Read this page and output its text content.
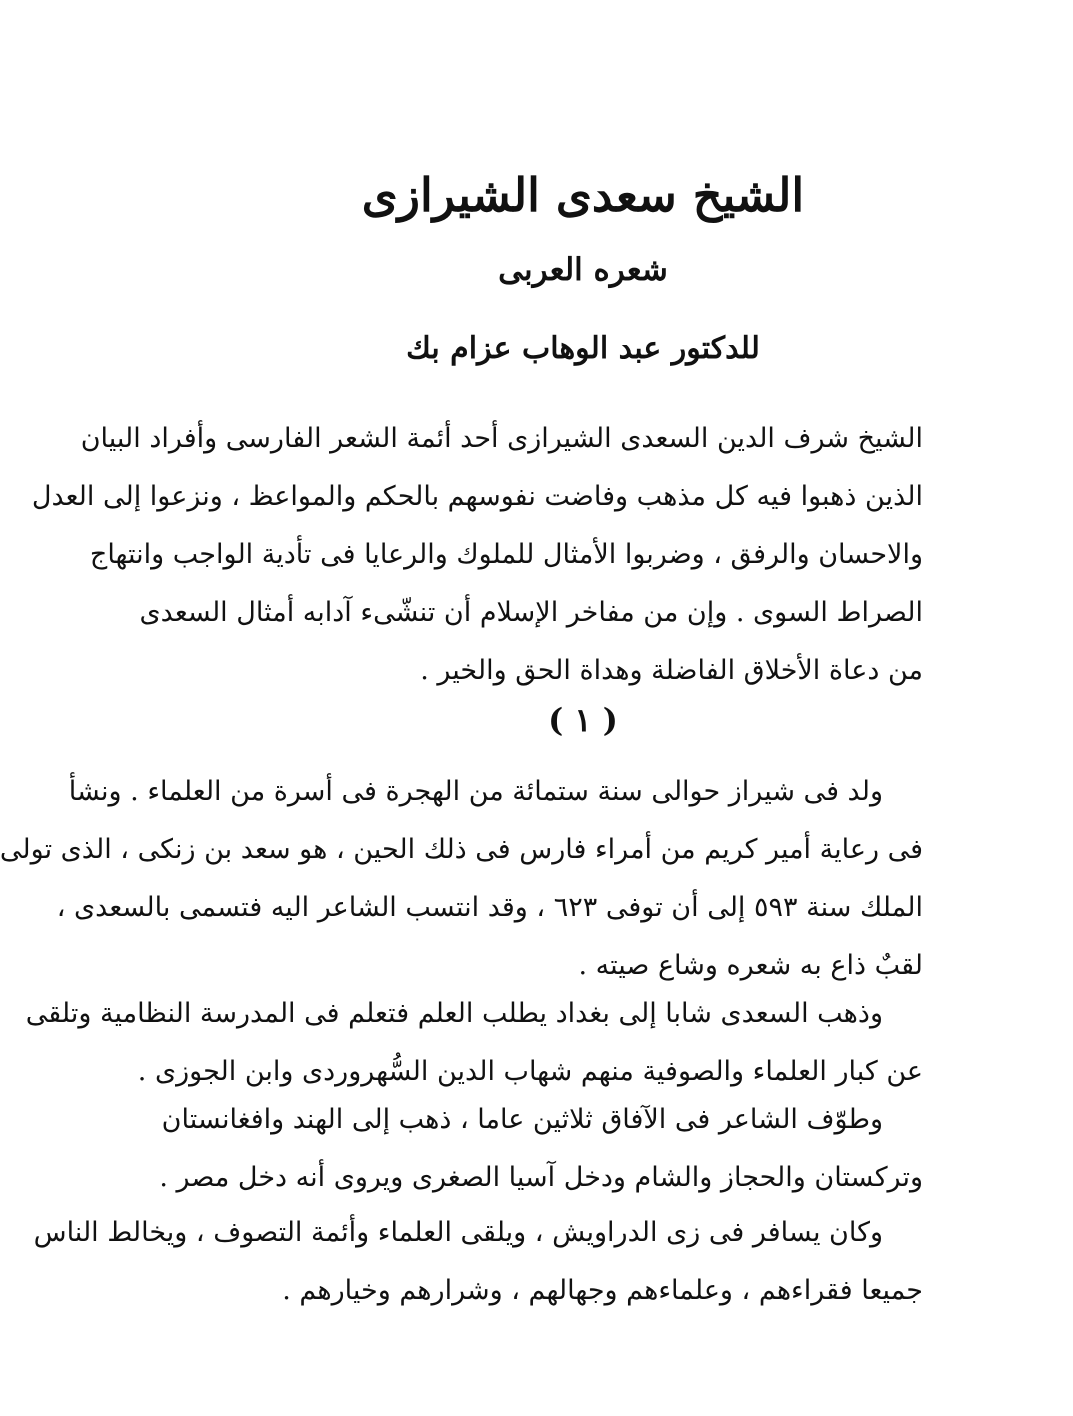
الشيخ سعدى الشيرازى
شعره العربى
للدكتور عبد الوهاب عزام بك
الشيخ شرف الدين السعدى الشيرازى أحد أئمة الشعر الفارسى وأفراد البيان
الذين ذهبوا فيه كل مذهب وفاضت نفوسهم بالحكم والمواعظ ، ونزعوا إلى العدل
والاحسان والرفق ، وضربوا الأمثال للملوك والرعايا فى تأدية الواجب وانتهاج
الصراط السوى . وإن من مفاخر الإسلام أن تنشّىء آدابه أمثال السعدى
من دعاة الأخلاق الفاضلة وهداة الحق والخير .
( ١ )
ولد فى شيراز حوالى سنة ستمائة من الهجرة فى أسرة من العلماء . ونشأ
فى رعاية أمير كريم من أمراء فارس فى ذلك الحين ، هو سعد بن زنكى ، الذى تولى
الملك سنة ٥٩٣ إلى أن توفى ٦٢٣ ، وقد انتسب الشاعر اليه فتسمى بالسعدى ،
لقبٌ ذاع به شعره وشاع صيته .
وذهب السعدى شابا إلى بغداد يطلب العلم فتعلم فى المدرسة النظامية وتلقى
عن كبار العلماء والصوفية منهم شهاب الدين السُّهروردى وابن الجوزى .
وطوّف الشاعر فى الآفاق ثلاثين عاما ، ذهب إلى الهند وافغانستان
وتركستان والحجاز والشام ودخل آسيا الصغرى ويروى أنه دخل مصر .
وكان يسافر فى زى الدراويش ، ويلقى العلماء وأئمة التصوف ، ويخالط الناس
جميعا فقراءهم ، وعلماءهم وجهالهم ، وشرارهم وخيارهم .
